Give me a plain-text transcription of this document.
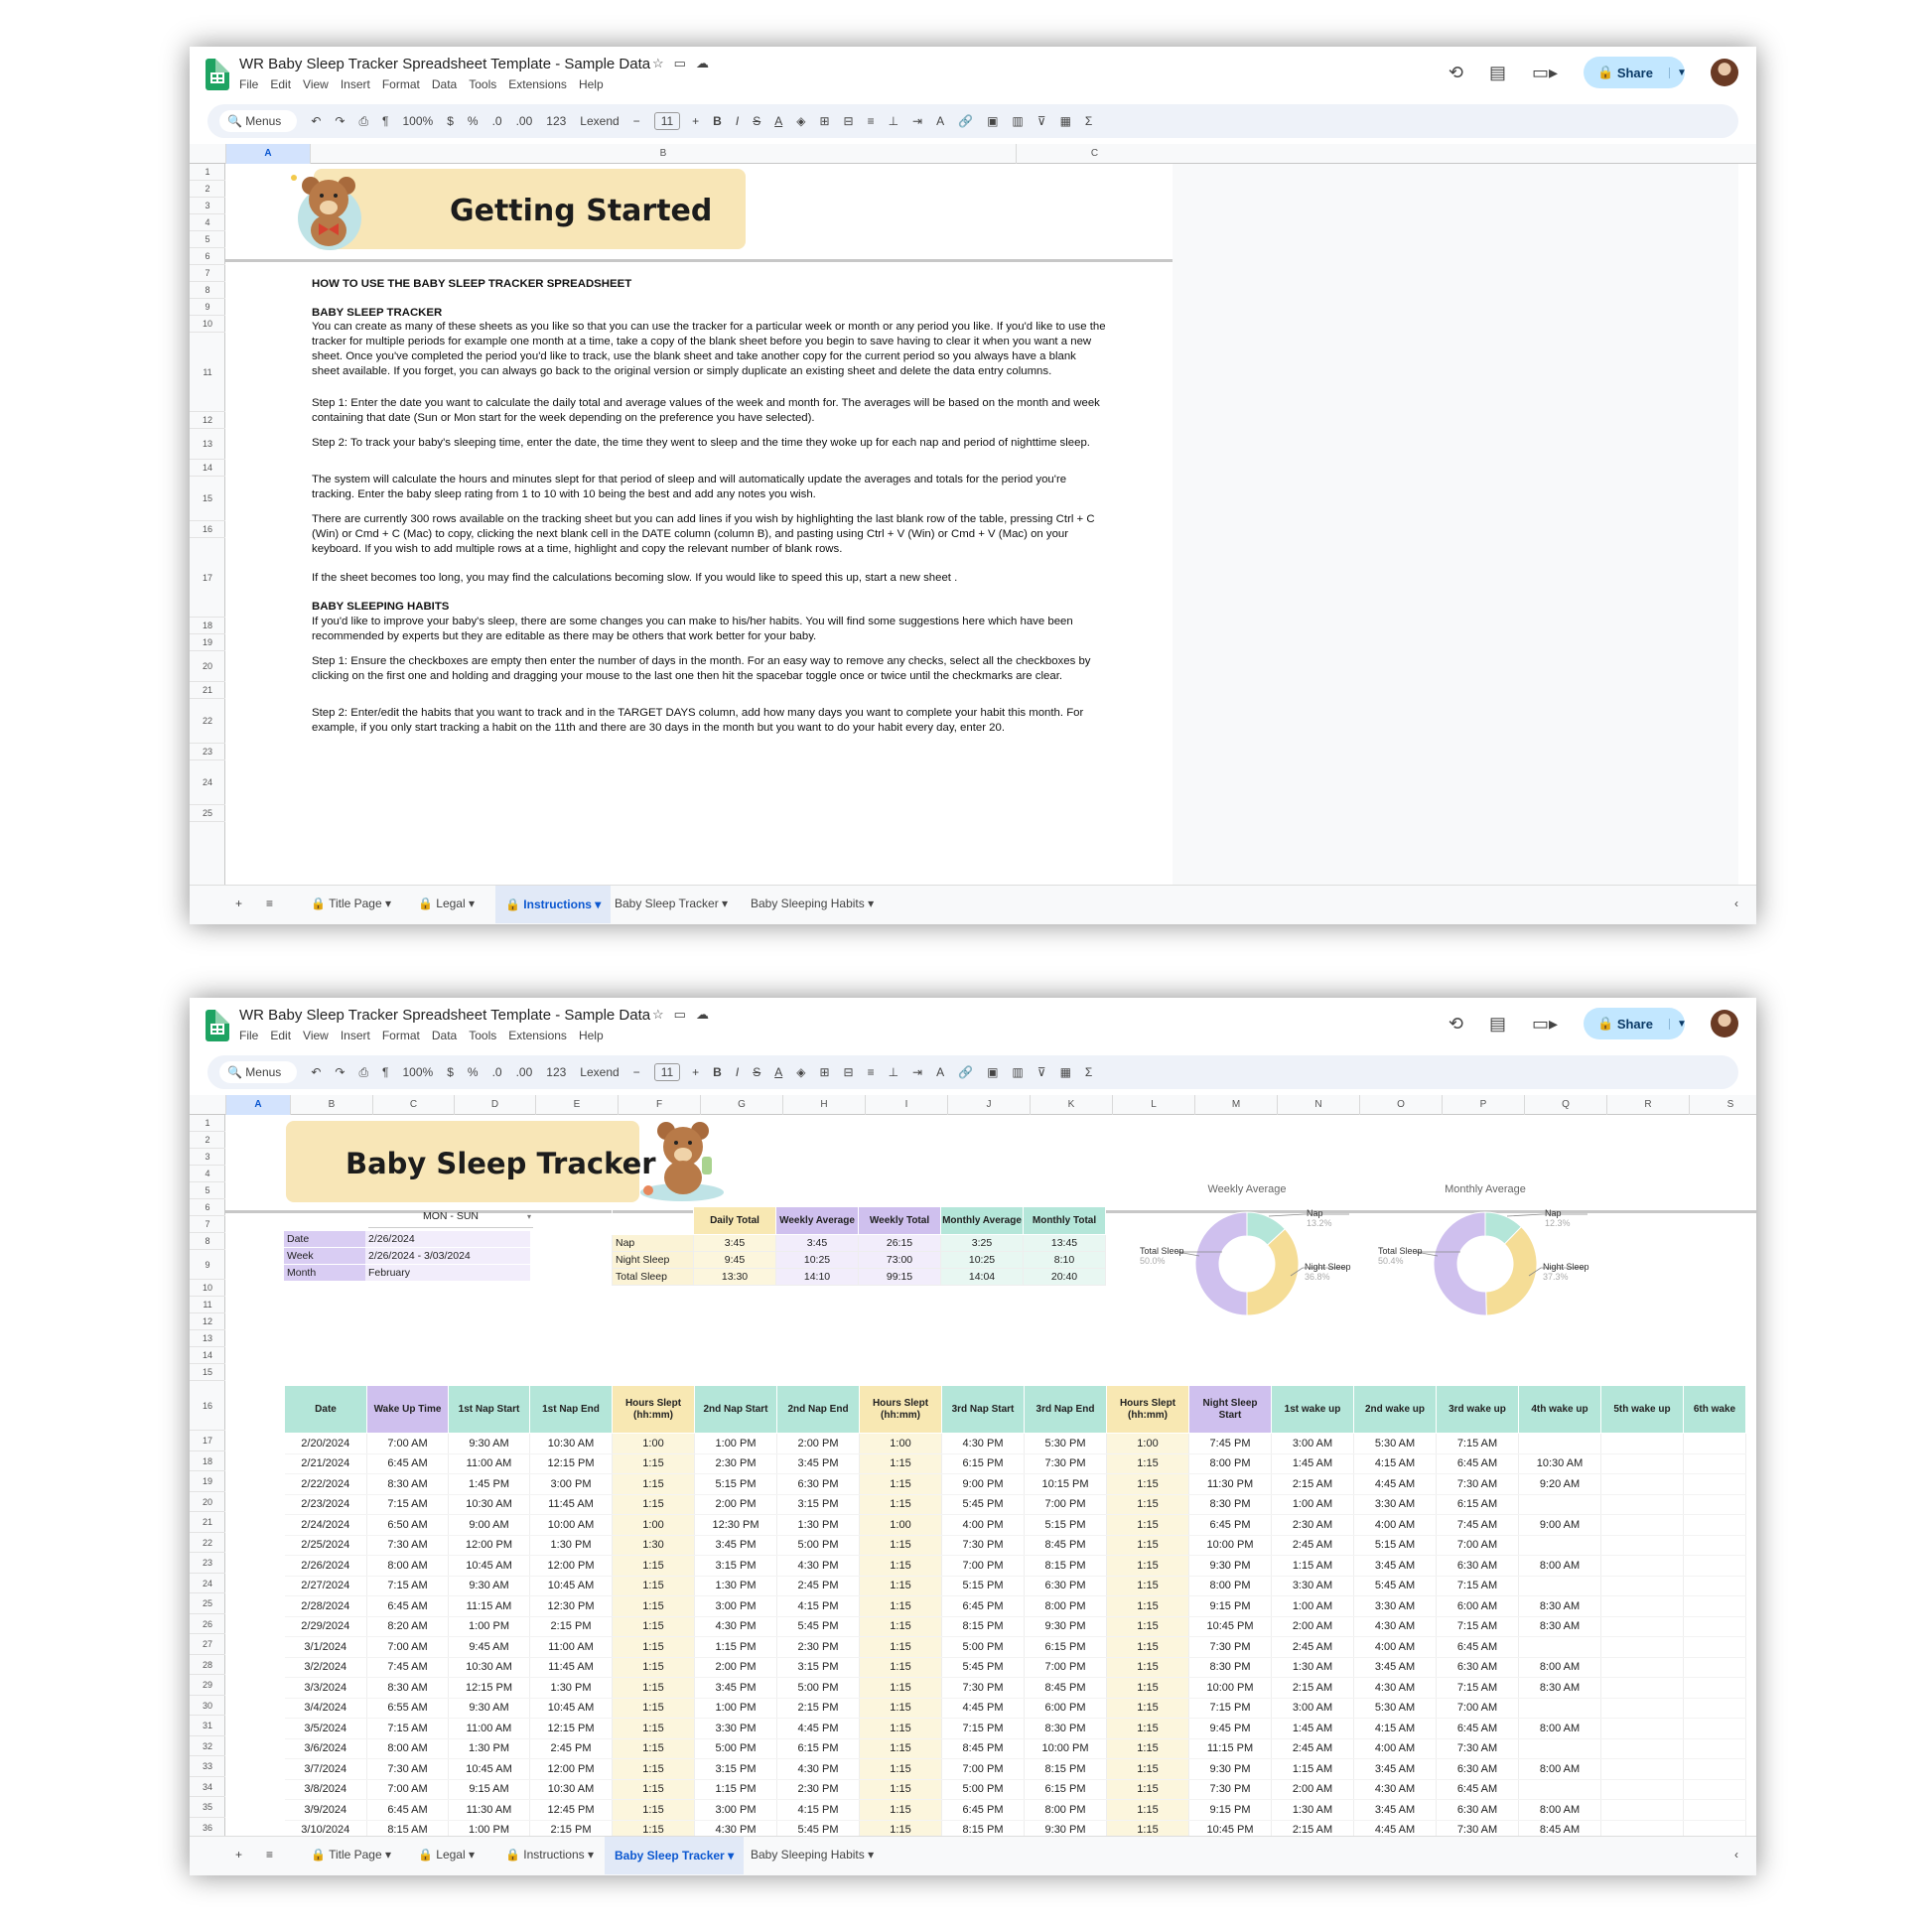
WR Baby Sleep Tracker Spreadsheet Template - Sample Data ☆▭☁
File Edit View Insert Format Data Tools Extensions Help
⟲ ▤ ▭▸	🔒 Share	▼
🔍 Menus	↶ ↷ ⎙ ¶ 100% $ % .0 .00 123 Lexend −	11	+ B I S A ◈ ⊞ ⊟ ≡ ⊥ ⇥ A 🔗 ▣ ▥ ⊽ ▦ Σ
A	B	C
1
2
3
4
5
6
7
8
9
10
11
12
13
14
15
16
17
18
19
20
21
22
23
24
25
Getting Started

HOW TO USE THE BABY SLEEP TRACKER SPREADSHEET

BABY SLEEP TRACKER

You can create as many of these sheets as you like so that you can use the tracker for a particular week or month or any period you like. If you'd like to use the tracker for multiple periods for example one month at a time, take a copy of the blank sheet before you begin to save having to clear it when you want a new sheet. Once you've completed the period you'd like to track, use the blank sheet and take another copy for the current period so you always have a blank sheet available. If you forget, you can always go back to the original version or simply duplicate an existing sheet and delete the data entry columns.

Step 1: Enter the date you want to calculate the daily total and average values of the week and month for. The averages will be based on the month and week containing that date (Sun or Mon start for the week depending on the preference you have selected).

Step 2: To track your baby's sleeping time, enter the date, the time they went to sleep and the time they woke up for each nap and period of nighttime sleep.

The system will calculate the hours and minutes slept for that period of sleep and will automatically update the averages and totals for the period you're tracking. Enter the baby sleep rating from 1 to 10 with 10 being the best and add any notes you wish.

There are currently 300 rows available on the tracking sheet but you can add lines if you wish by highlighting the last blank row of the table, pressing Ctrl + C (Win) or Cmd + C (Mac) to copy, clicking the next blank cell in the DATE column (column B), and pasting using Ctrl + V (Win) or Cmd + V (Mac) on your keyboard. If you wish to add multiple rows at a time, highlight and copy the relevant number of blank rows.

If the sheet becomes too long, you may find the calculations becoming slow. If you would like to speed this up, start a new sheet .

BABY SLEEPING HABITS

If you'd like to improve your baby's sleep, there are some changes you can make to his/her habits. You will find some suggestions here which have been recommended by experts but they are editable as there may be others that work better for your baby.

Step 1: Ensure the checkboxes are empty then enter the number of days in the month. For an easy way to remove any checks, select all the checkboxes by clicking on the first one and holding and dragging your mouse to the last one then hit the spacebar toggle once or twice until the checkmarks are clear.

Step 2: Enter/edit the habits that you want to track and in the TARGET DAYS column, add how many days you want to complete your habit this month. For example, if you only start tracking a habit on the 11th and there are 30 days in the month but you want to do your habit every day, enter 20.

+ ≡	🔒 Title Page ▾ 🔒 Legal ▾	🔒 Instructions ▾	Baby Sleep Tracker ▾ Baby Sleeping Habits ▾	‹
WR Baby Sleep Tracker Spreadsheet Template - Sample Data ☆▭☁
File Edit View Insert Format Data Tools Extensions Help
⟲ ▤ ▭▸	🔒 Share	▼
🔍 Menus	↶ ↷ ⎙ ¶ 100% $ % .0 .00 123 Lexend −	11	+ B I S A ◈ ⊞ ⊟ ≡ ⊥ ⇥ A 🔗 ▣ ▥ ⊽ ▦ Σ
A	B	C	D	E	F	G	H	I	J	K	L	M	N	O	P	Q	R	S
1
2
3
4
5
6
7
8
9
10
11
12
13
14
15
16
17
18
19
20
21
22
23
24
25
26
27
28
29
30
31
32
33
34
35
36
Baby Sleep Tracker
MON - SUN	▾
Date	2/26/2024
Week	2/26/2024 - 3/03/2024
Month	February
	Daily Total	Weekly Average	Weekly Total	Monthly Average	Monthly Total
Nap	3:45	3:45	26:15	3:25	13:45
Night Sleep	9:45	10:25	73:00	10:25	8:10
Total Sleep	13:30	14:10	99:15	14:04	20:40
Weekly Average
Nap
13.2%
Night Sleep
36.8%
Total Sleep
50.0%
Monthly Average
Nap
12.3%
Night Sleep
37.3%
Total Sleep
50.4%
Date	Wake Up Time	1st Nap Start	1st Nap End	Hours Slept (hh:mm)	2nd Nap Start	2nd Nap End	Hours Slept (hh:mm)	3rd Nap Start	3rd Nap End	Hours Slept (hh:mm)	Night Sleep Start	1st wake up	2nd wake up	3rd wake up	4th wake up	5th wake up	6th wake
2/20/2024	7:00 AM	9:30 AM	10:30 AM	1:00	1:00 PM	2:00 PM	1:00	4:30 PM	5:30 PM	1:00	7:45 PM	3:00 AM	5:30 AM	7:15 AM			
2/21/2024	6:45 AM	11:00 AM	12:15 PM	1:15	2:30 PM	3:45 PM	1:15	6:15 PM	7:30 PM	1:15	8:00 PM	1:45 AM	4:15 AM	6:45 AM	10:30 AM		
2/22/2024	8:30 AM	1:45 PM	3:00 PM	1:15	5:15 PM	6:30 PM	1:15	9:00 PM	10:15 PM	1:15	11:30 PM	2:15 AM	4:45 AM	7:30 AM	9:20 AM		
2/23/2024	7:15 AM	10:30 AM	11:45 AM	1:15	2:00 PM	3:15 PM	1:15	5:45 PM	7:00 PM	1:15	8:30 PM	1:00 AM	3:30 AM	6:15 AM			
2/24/2024	6:50 AM	9:00 AM	10:00 AM	1:00	12:30 PM	1:30 PM	1:00	4:00 PM	5:15 PM	1:15	6:45 PM	2:30 AM	4:00 AM	7:45 AM	9:00 AM		
2/25/2024	7:30 AM	12:00 PM	1:30 PM	1:30	3:45 PM	5:00 PM	1:15	7:30 PM	8:45 PM	1:15	10:00 PM	2:45 AM	5:15 AM	7:00 AM			
2/26/2024	8:00 AM	10:45 AM	12:00 PM	1:15	3:15 PM	4:30 PM	1:15	7:00 PM	8:15 PM	1:15	9:30 PM	1:15 AM	3:45 AM	6:30 AM	8:00 AM		
2/27/2024	7:15 AM	9:30 AM	10:45 AM	1:15	1:30 PM	2:45 PM	1:15	5:15 PM	6:30 PM	1:15	8:00 PM	3:30 AM	5:45 AM	7:15 AM			
2/28/2024	6:45 AM	11:15 AM	12:30 PM	1:15	3:00 PM	4:15 PM	1:15	6:45 PM	8:00 PM	1:15	9:15 PM	1:00 AM	3:30 AM	6:00 AM	8:30 AM		
2/29/2024	8:20 AM	1:00 PM	2:15 PM	1:15	4:30 PM	5:45 PM	1:15	8:15 PM	9:30 PM	1:15	10:45 PM	2:00 AM	4:30 AM	7:15 AM	8:30 AM		
3/1/2024	7:00 AM	9:45 AM	11:00 AM	1:15	1:15 PM	2:30 PM	1:15	5:00 PM	6:15 PM	1:15	7:30 PM	2:45 AM	4:00 AM	6:45 AM			
3/2/2024	7:45 AM	10:30 AM	11:45 AM	1:15	2:00 PM	3:15 PM	1:15	5:45 PM	7:00 PM	1:15	8:30 PM	1:30 AM	3:45 AM	6:30 AM	8:00 AM		
3/3/2024	8:30 AM	12:15 PM	1:30 PM	1:15	3:45 PM	5:00 PM	1:15	7:30 PM	8:45 PM	1:15	10:00 PM	2:15 AM	4:30 AM	7:15 AM	8:30 AM		
3/4/2024	6:55 AM	9:30 AM	10:45 AM	1:15	1:00 PM	2:15 PM	1:15	4:45 PM	6:00 PM	1:15	7:15 PM	3:00 AM	5:30 AM	7:00 AM			
3/5/2024	7:15 AM	11:00 AM	12:15 PM	1:15	3:30 PM	4:45 PM	1:15	7:15 PM	8:30 PM	1:15	9:45 PM	1:45 AM	4:15 AM	6:45 AM	8:00 AM		
3/6/2024	8:00 AM	1:30 PM	2:45 PM	1:15	5:00 PM	6:15 PM	1:15	8:45 PM	10:00 PM	1:15	11:15 PM	2:45 AM	4:00 AM	7:30 AM			
3/7/2024	7:30 AM	10:45 AM	12:00 PM	1:15	3:15 PM	4:30 PM	1:15	7:00 PM	8:15 PM	1:15	9:30 PM	1:15 AM	3:45 AM	6:30 AM	8:00 AM		
3/8/2024	7:00 AM	9:15 AM	10:30 AM	1:15	1:15 PM	2:30 PM	1:15	5:00 PM	6:15 PM	1:15	7:30 PM	2:00 AM	4:30 AM	6:45 AM			
3/9/2024	6:45 AM	11:30 AM	12:45 PM	1:15	3:00 PM	4:15 PM	1:15	6:45 PM	8:00 PM	1:15	9:15 PM	1:30 AM	3:45 AM	6:30 AM	8:00 AM		
3/10/2024	8:15 AM	1:00 PM	2:15 PM	1:15	4:30 PM	5:45 PM	1:15	8:15 PM	9:30 PM	1:15	10:45 PM	2:15 AM	4:45 AM	7:30 AM	8:45 AM		
+ ≡	🔒 Title Page ▾ 🔒 Legal ▾	🔒 Instructions ▾	Baby Sleep Tracker ▾	Baby Sleeping Habits ▾	‹
